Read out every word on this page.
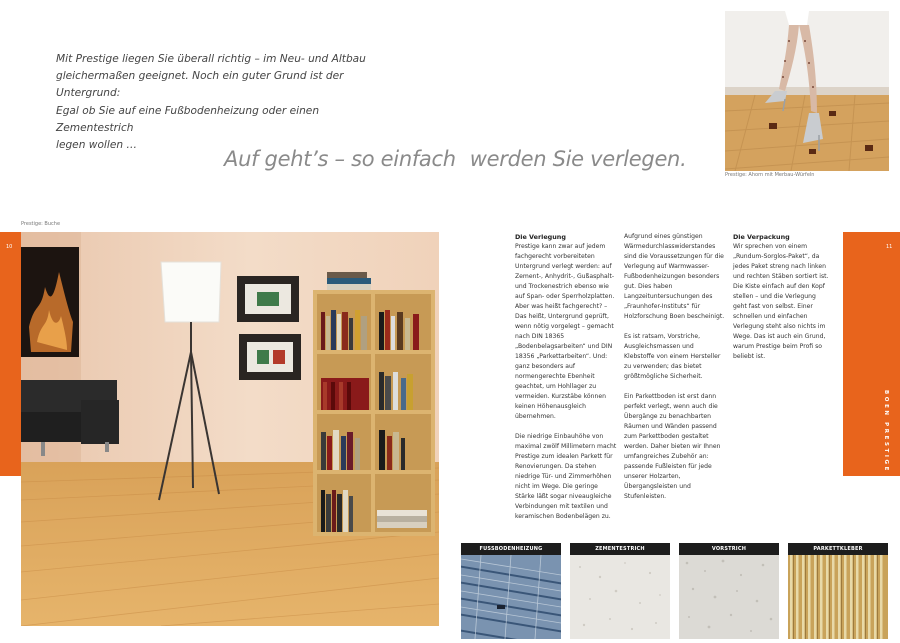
Mit Prestige liegen Sie überall richtig – im Neu- und Altbau
gleichermaßen geeignet. Noch ein guter Grund ist der Untergrund:
Egal ob Sie auf eine Fußbodenheizung oder einen Zementestrich
legen wollen …
Auf geht’s – so einfach werden Sie verlegen.
Prestige: Ahorn mit Merbau-Würfeln
Prestige: Buche
10
Die Verlegung

Prestige kann zwar auf jedem fachgerecht vorbereiteten Untergrund verlegt werden: auf Zement-, Anhydrit-, Gußasphalt- und Trockenestrich ebenso wie auf Span- oder Sperrholzplatten. Aber was heißt fachgerecht? – Das heißt, Untergrund geprüft, wenn nötig vorgelegt – gemacht nach DIN 18365 „Bodenbelagsarbeiten“ und DIN 18356 „Parkettarbeiten“. Und: ganz besonders auf normengerechte Ebenheit geachtet, um Hohllager zu vermeiden. Kurzstäbe können keinen Höhenausgleich übernehmen.

Die niedrige Einbauhöhe von maximal zwölf Millimetern macht Prestige zum idealen Parkett für Renovierungen. Da stehen niedrige Tür- und Zimmerhöhen nicht im Wege. Die geringe Stärke läßt sogar niveaugleiche Verbindungen mit textilen und keramischen Bodenbelägen zu.

Aufgrund eines günstigen Wärmedurchlasswiderstandes sind die Voraussetzungen für die Verlegung auf Warmwasser-Fußbodenheizungen besonders gut. Dies haben Langzeituntersuchungen des „Fraunhofer-Instituts“ für Holzforschung Boen bescheinigt.

Es ist ratsam, Vorstriche, Ausgleichsmassen und Klebstoffe von einem Hersteller zu verwenden; das bietet größtmögliche Sicherheit.

Ein Parkettboden ist erst dann perfekt verlegt, wenn auch die Übergänge zu benachbarten Räumen und Wänden passend zum Parkettboden gestaltet werden. Daher bieten wir Ihnen umfangreiches Zubehör an: passende Fußleisten für jede unserer Holzarten, Übergangsleisten und Stufenleisten.

Die Verpackung

Wir sprechen von einem „Rundum-Sorglos-Paket“, da jedes Paket streng nach linken und rechten Stäben sortiert ist. Die Kiste einfach auf den Kopf stellen – und die Verlegung geht fast von selbst. Einer schnellen und einfachen Verlegung steht also nichts im Wege. Das ist auch ein Grund, warum Prestige beim Profi so beliebt ist.

11
BOEN PRESTIGE
FUSSBODENHEIZUNG	ZEMENTESTRICH	VORSTRICH	PARKETTKLEBER
